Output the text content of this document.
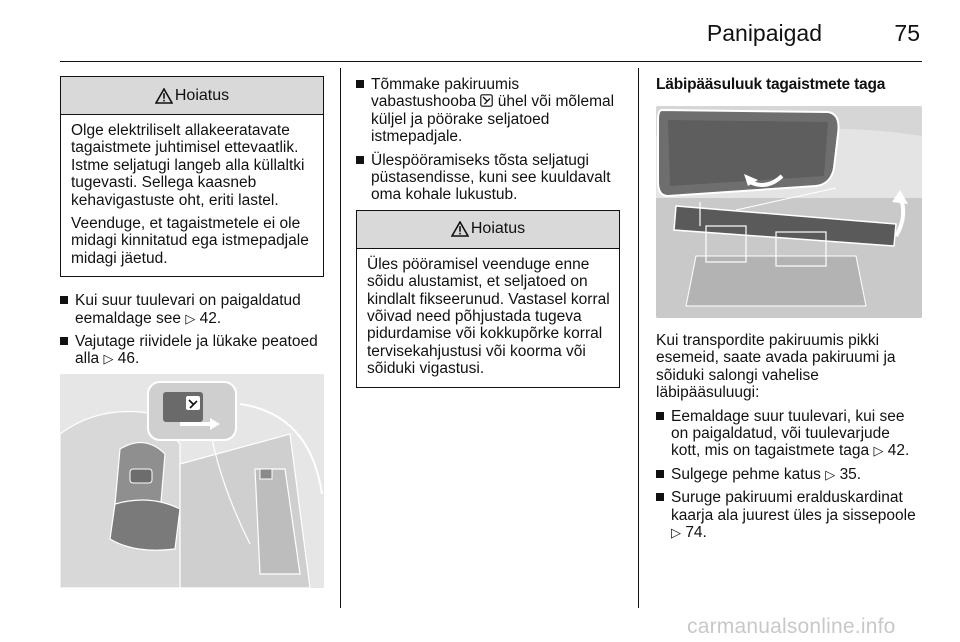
Panipaigad	75
Hoiatus

Olge elektriliselt allakeeratavate tagaistmete juhtimisel ettevaatlik. Istme seljatugi langeb alla küllaltki tugevasti. Sellega kaasneb kehavigastuste oht, eriti lastel.

Veenduge, et tagaistmetele ei ole midagi kinnitatud ega istmepadjale midagi jäetud.

Kui suur tuulevari on paigaldatud eemaldage see ▷ 42.
Vajutage riividele ja lükake peatoed alla ▷ 46.
Tõmmake pakiruumis vabastushooba ühel või mõlemal küljel ja pöörake seljatoed istmepadjale.
Ülespööramiseks tõsta seljatugi püstasendisse, kuni see kuuldavalt oma kohale lukustub.
Hoiatus

Üles pööramisel veenduge enne sõidu alustamist, et seljatoed on kindlalt fikseerunud. Vastasel korral võivad need põhjustada tugeva pidurdamise või kokkupõrke korral tervisekahjustusi või koorma või sõiduki vigastusi.

Läbipääsuluuk tagaistmete taga

Kui transpordite pakiruumis pikki esemeid, saate avada pakiruumi ja sõiduki salongi vahelise läbipääsuluugi:

Eemaldage suur tuulevari, kui see on paigaldatud, või tuulevarjude kott, mis on tagaistmete taga ▷ 42.
Sulgege pehme katus ▷ 35.
Suruge pakiruumi eralduskardinat kaarja ala juurest üles ja sissepoole ▷ 74.
carmanualsonline.info
